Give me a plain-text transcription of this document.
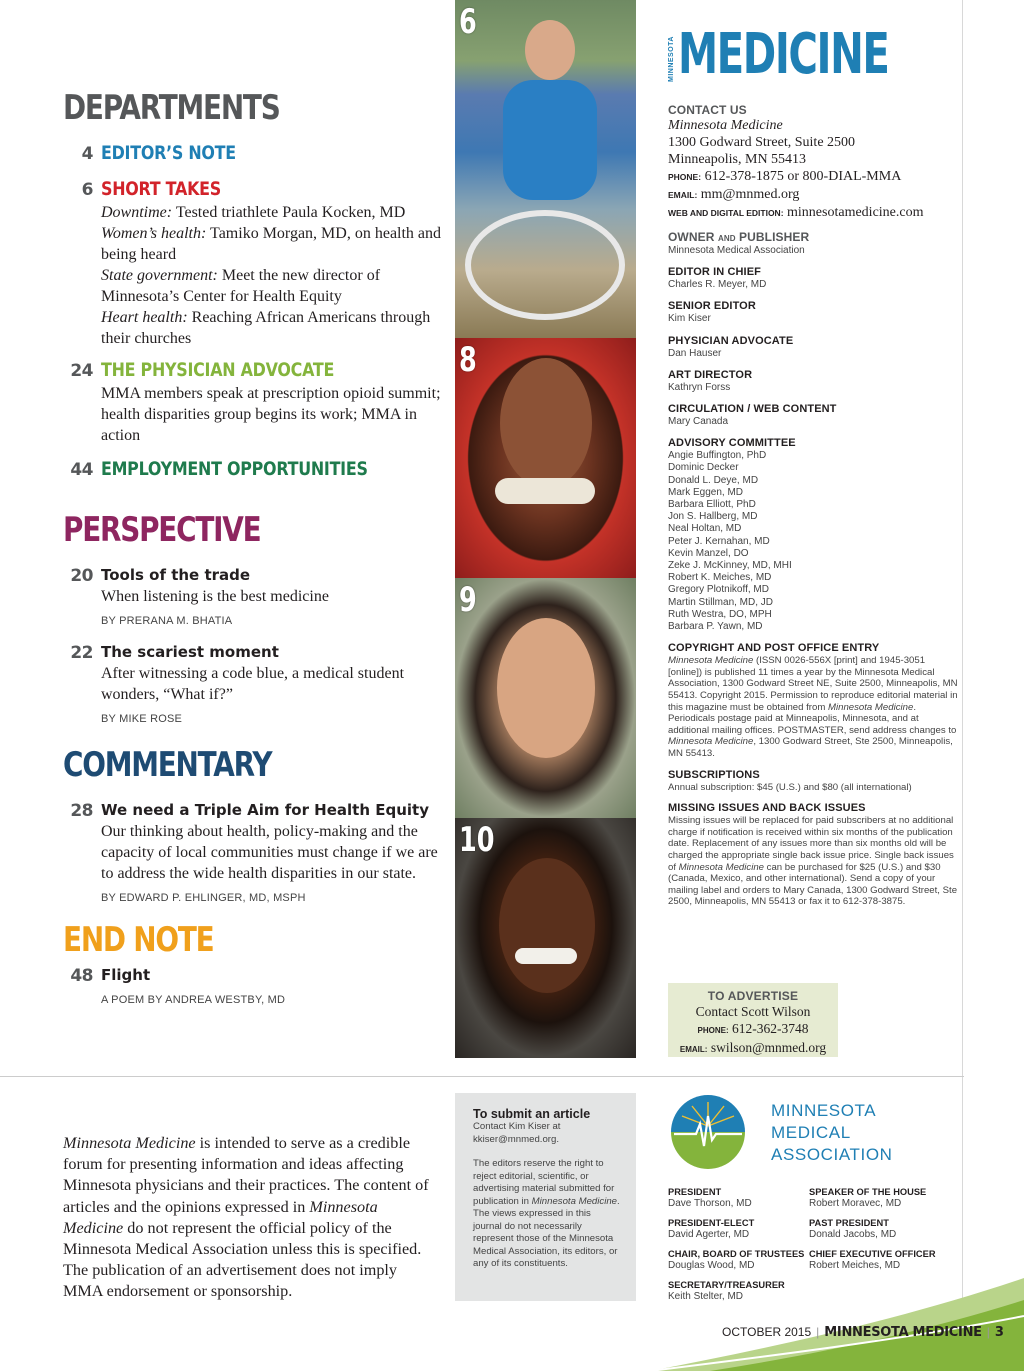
DEPARTMENTS
4 EDITOR’S NOTE
6 SHORT TAKES
Downtime: Tested triathlete Paula Kocken, MD
Women’s health: Tamiko Morgan, MD, on health and being heard
State government: Meet the new director of Minnesota’s Center for Health Equity
Heart health: Reaching African Americans through their churches
24 THE PHYSICIAN ADVOCATE
MMA members speak at prescription opioid summit; health disparities group begins its work; MMA in action
44 EMPLOYMENT OPPORTUNITIES
PERSPECTIVE
20 Tools of the trade
When listening is the best medicine
BY PRERANA M. BHATIA
22 The scariest moment
After witnessing a code blue, a medical student wonders, “What if?”
BY MIKE ROSE
COMMENTARY
28 We need a Triple Aim for Health Equity
Our thinking about health, policy-making and the capacity of local communities must change if we are to address the wide health disparities in our state.
BY EDWARD P. EHLINGER, MD, MSPH
END NOTE
48 Flight
A POEM BY ANDREA WESTBY, MD
6
8
9
10
MINNESOTA MEDICINE
CONTACT US
Minnesota Medicine
1300 Godward Street, Suite 2500
Minneapolis, MN 55413
PHONE: 612-378-1875 or 800-DIAL-MMA
EMAIL: mm@mnmed.org
WEB AND DIGITAL EDITION: minnesotamedicine.com
OWNER AND PUBLISHER
Minnesota Medical Association
EDITOR IN CHIEF
Charles R. Meyer, MD
SENIOR EDITOR
Kim Kiser
PHYSICIAN ADVOCATE
Dan Hauser
ART DIRECTOR
Kathryn Forss
CIRCULATION / WEB CONTENT
Mary Canada
ADVISORY COMMITTEE
Angie Buffington, PhD
Dominic Decker
Donald L. Deye, MD
Mark Eggen, MD
Barbara Elliott, PhD
Jon S. Hallberg, MD
Neal Holtan, MD
Peter J. Kernahan, MD
Kevin Manzel, DO
Zeke J. McKinney, MD, MHI
Robert K. Meiches, MD
Gregory Plotnikoff, MD
Martin Stillman, MD, JD
Ruth Westra, DO, MPH
Barbara P. Yawn, MD
COPYRIGHT AND POST OFFICE ENTRY
Minnesota Medicine (ISSN 0026-556X [print] and 1945-3051 [online]) is published 11 times a year by the Minnesota Medical Association, 1300 Godward Street NE, Suite 2500, Minneapolis, MN 55413. Copyright 2015. Permission to reproduce editorial material in this magazine must be obtained from Minnesota Medicine. Periodicals postage paid at Minneapolis, Minnesota, and at additional mailing offices. POSTMASTER, send address changes to Minnesota Medicine, 1300 Godward Street, Ste 2500, Minneapolis, MN 55413.
SUBSCRIPTIONS
Annual subscription: $45 (U.S.) and $80 (all international)
MISSING ISSUES AND BACK ISSUES
Missing issues will be replaced for paid subscribers at no additional charge if notification is received within six months of the publication date. Replacement of any issues more than six months old will be charged the appropriate single back issue price. Single back issues of Minnesota Medicine can be purchased for $25 (U.S.) and $30 (Canada, Mexico, and other international). Send a copy of your mailing label and orders to Mary Canada, 1300 Godward Street, Ste 2500, Minneapolis, MN 55413 or fax it to 612-378-3875.
TO ADVERTISE
Contact Scott Wilson
PHONE: 612-362-3748
EMAIL: swilson@mnmed.org
Minnesota Medicine is intended to serve as a credible forum for presenting information and ideas affecting Minnesota physicians and their practices. The content of articles and the opinions expressed in Minnesota Medicine do not represent the official policy of the Minnesota Medical Association unless this is specified. The publication of an advertisement does not imply MMA endorsement or sponsorship.
To submit an article
Contact Kim Kiser at kkiser@mnmed.org.
The editors reserve the right to reject editorial, scientific, or advertising material submitted for publication in Minnesota Medicine. The views expressed in this journal do not necessarily represent those of the Minnesota Medical Association, its editors, or any of its constituents.
MINNESOTA
MEDICAL
ASSOCIATION
PRESIDENT
Dave Thorson, MD
SPEAKER OF THE HOUSE
Robert Moravec, MD
PRESIDENT-ELECT
David Agerter, MD
PAST PRESIDENT
Donald Jacobs, MD
CHAIR, BOARD OF TRUSTEES
Douglas Wood, MD
CHIEF EXECUTIVE OFFICER
Robert Meiches, MD
SECRETARY/TREASURER
Keith Stelter, MD
OCTOBER 2015 | MINNESOTA MEDICINE | 3
